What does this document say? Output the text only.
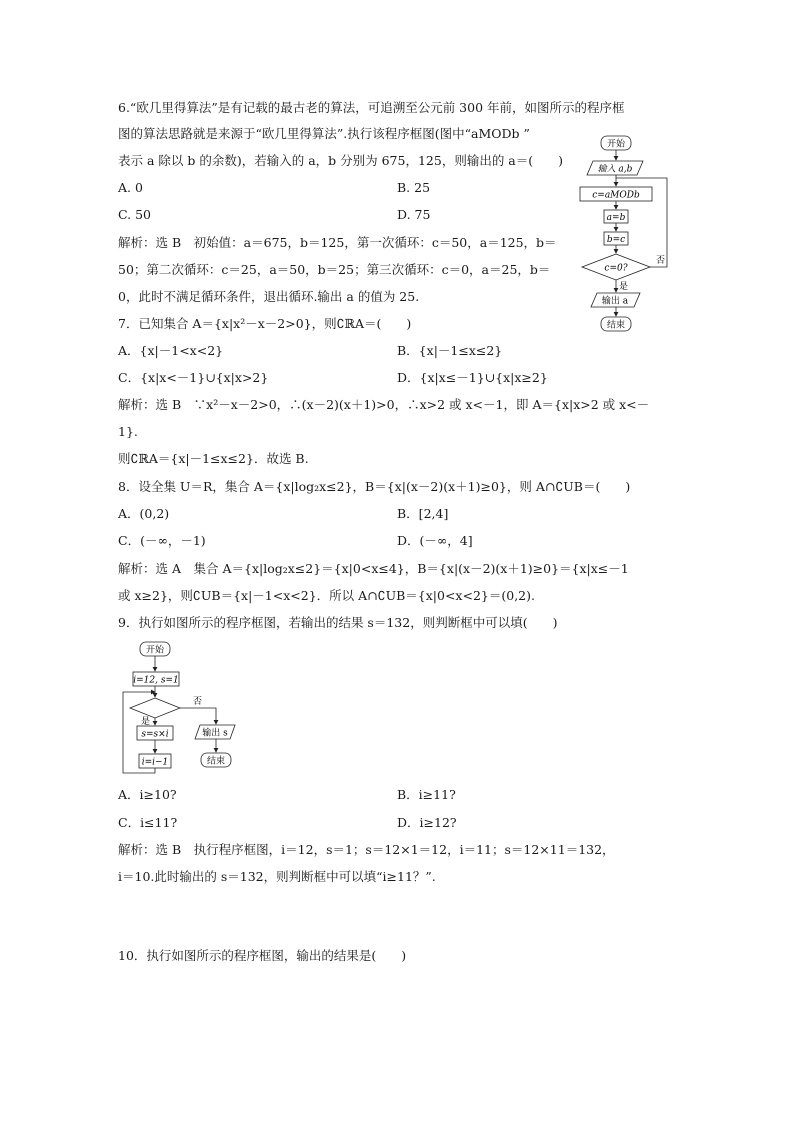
6.“欧几里得算法”是有记载的最古老的算法，可追溯至公元前 300 年前，如图所示的程序框
图的算法思路就是来源于“欧几里得算法”.执行该程序框图(图中“aMODb ”
表示 a 除以 b 的余数)，若输入的 a，b 分别为 675，125，则输出的 a＝(　　)
A. 0	B. 25
C. 50	D. 75
解析：选 B　初始值：a＝675，b＝125，第一次循环：c＝50，a＝125，b＝
50；第二次循环：c＝25，a＝50，b＝25；第三次循环：c＝0，a＝25，b＝
0，此时不满足循环条件，退出循环.输出 a 的值为 25.
开始
输入 a,b
c=aMODb
a=b
b=c
c=0?
否
是
输出 a
结束
7．已知集合 A＝{x|x²－x－2>0}，则∁ℝA＝(　　)
A．{x|－1<x<2}	B．{x|－1≤x≤2}
C．{x|x<－1}∪{x|x>2}	D．{x|x≤－1}∪{x|x≥2}
解析：选 B　∵x²－x－2>0，∴(x－2)(x＋1)>0，∴x>2 或 x<－1，即 A＝{x|x>2 或 x<－
1}.
则∁ℝA＝{x|－1≤x≤2}．故选 B.
8．设全集 U＝R，集合 A＝{x|log₂x≤2}，B＝{x|(x－2)(x＋1)≥0}，则 A∩∁UB＝(　　)
A．(0,2)	B．[2,4]
C．(－∞，－1)	D．(－∞，4]
解析：选 A　集合 A＝{x|log₂x≤2}＝{x|0<x≤4}，B＝{x|(x－2)(x＋1)≥0}＝{x|x≤－1
或 x≥2}，则∁UB＝{x|－1<x<2}．所以 A∩∁UB＝{x|0<x<2}＝(0,2).
9．执行如图所示的程序框图，若输出的结果 s＝132，则判断框中可以填(　　)
开始
i=12, s=1
否
是
s=s×i
i=i−1
输出 s
结束
A．i≥10?	B．i≥11?
C．i≤11?	D．i≥12?
解析：选 B　执行程序框图，i＝12，s＝1；s＝12×1＝12，i＝11；s＝12×11＝132，
i＝10.此时输出的 s＝132，则判断框中可以填“i≥11？”.
10．执行如图所示的程序框图，输出的结果是(　　)
